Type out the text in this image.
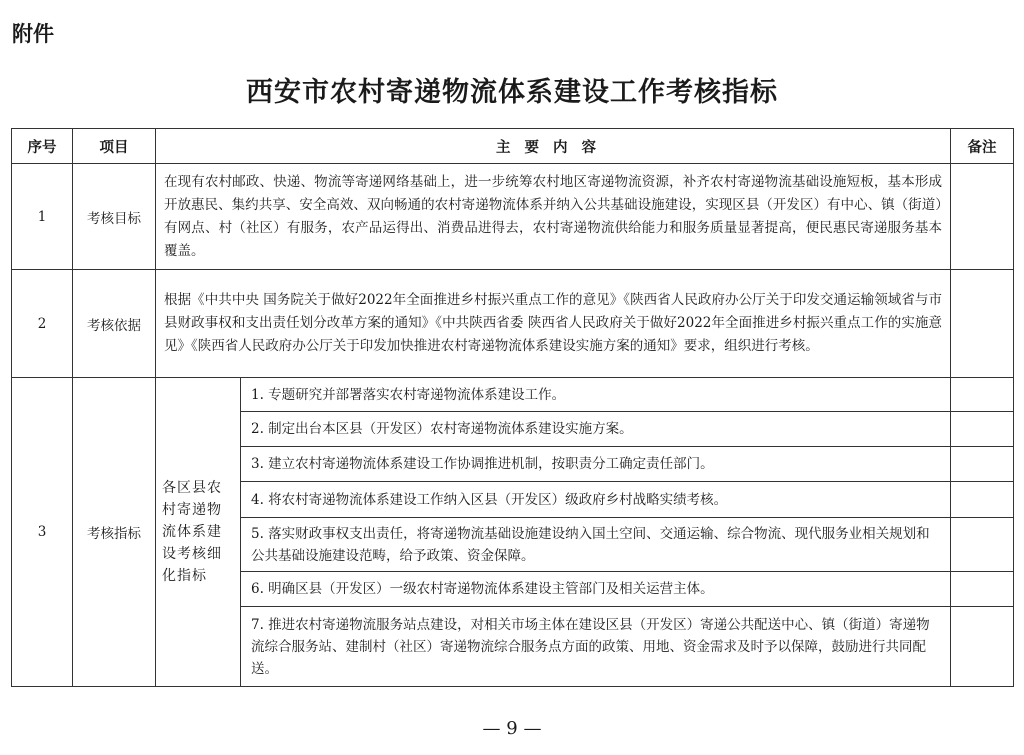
附件
西安市农村寄递物流体系建设工作考核指标
序号	项目	主要内容		备注
1	考核目标	在现有农村邮政、快递、物流等寄递网络基础上，进一步统筹农村地区寄递物流资源，补齐农村寄递物流基础设施短板，基本形成开放惠民、集约共享、安全高效、双向畅通的农村寄递物流体系并纳入公共基础设施建设，实现区县（开发区）有中心、镇（街道）有网点、村（社区）有服务，农产品运得出、消费品进得去，农村寄递物流供给能力和服务质量显著提高，便民惠民寄递服务基本覆盖。		
2	考核依据	根据《中共中央 国务院关于做好2022年全面推进乡村振兴重点工作的意见》《陕西省人民政府办公厅关于印发交通运输领域省与市县财政事权和支出责任划分改革方案的通知》《中共陕西省委 陕西省人民政府关于做好2022年全面推进乡村振兴重点工作的实施意见》《陕西省人民政府办公厅关于印发加快推进农村寄递物流体系建设实施方案的通知》要求，组织进行考核。		
3	考核指标	各区县农村寄递物流体系建设考核细化指标	1. 专题研究并部署落实农村寄递物流体系建设工作。	
			2. 制定出台本区县（开发区）农村寄递物流体系建设实施方案。	
			3. 建立农村寄递物流体系建设工作协调推进机制，按职责分工确定责任部门。	
			4. 将农村寄递物流体系建设工作纳入区县（开发区）级政府乡村战略实绩考核。	
			5. 落实财政事权支出责任，将寄递物流基础设施建设纳入国土空间、交通运输、综合物流、现代服务业相关规划和公共基础设施建设范畴，给予政策、资金保障。	
			6. 明确区县（开发区）一级农村寄递物流体系建设主管部门及相关运营主体。	
			7. 推进农村寄递物流服务站点建设，对相关市场主体在建设区县（开发区）寄递公共配送中心、镇（街道）寄递物流综合服务站、建制村（社区）寄递物流综合服务点方面的政策、用地、资金需求及时予以保障，鼓励进行共同配送。	
— 9 —
